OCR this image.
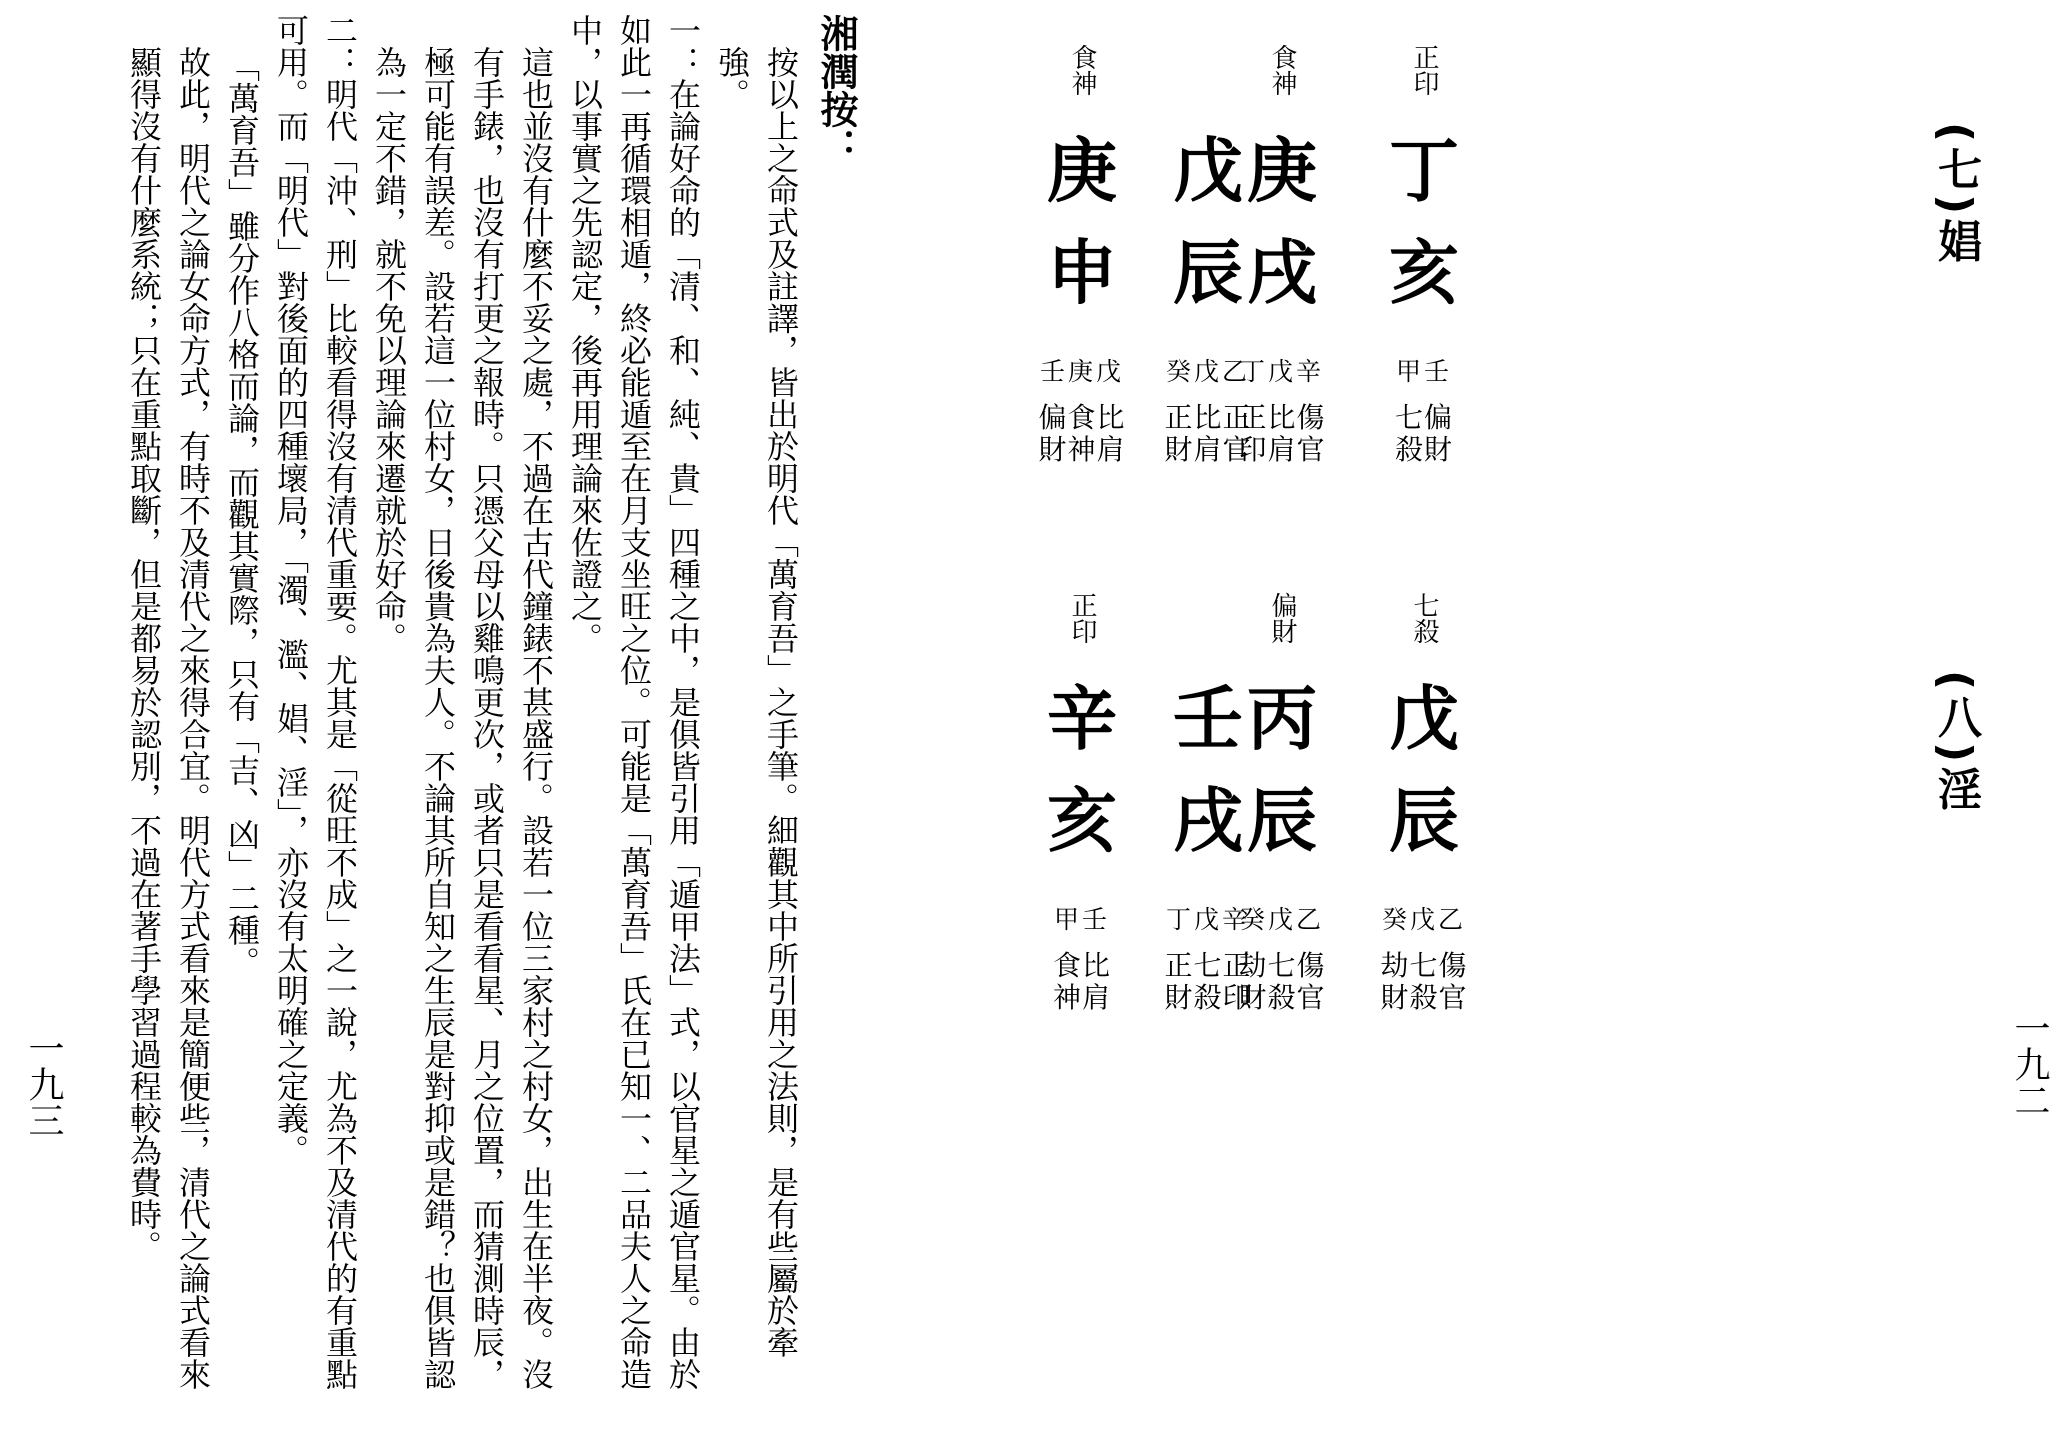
湘潤按：

按以上之命式及註譯，皆出於明代「萬育吾」之手筆。細觀其中所引用之法則，是有些屬於牽強。

一：在論好命的「清、和、純、貴」四種之中，是俱皆引用「遁甲法」式，以官星之遁官星。由於如此一再循環相遁，終必能遁至在月支坐旺之位。可能是「萬育吾」氏在已知一、二品夫人之命造中，以事實之先認定，後再用理論來佐證之。

這也並沒有什麼不妥之處，不過在古代鐘錶不甚盛行。設若一位三家村之村女，出生在半夜。沒有手錶，也沒有打更之報時。只憑父母以雞鳴更次，或者只是看看星、月之位置，而猜測時辰，極可能有誤差。設若這一位村女，日後貴為夫人。不論其所自知之生辰是對抑或是錯？也俱皆認為一定不錯，就不免以理論來遷就於好命。

二：明代「沖、刑」比較看得沒有清代重要。尤其是「從旺不成」之一說，尤為不及清代的有重點可用。而「明代」對後面的四種壞局，「濁、濫、娼、淫」，亦沒有太明確之定義。

「萬育吾」雖分作八格而論，而觀其實際，只有「吉、凶」二種。

故此，明代之論女命方式，有時不及清代之來得合宜。明代方式看來是簡便些，清代之論式看來顯得沒有什麼系統；只在重點取斷，但是都易於認別，不過在著手學習過程較為費時。

一九三
(七)娼
正印
丁
亥
甲壬
七偏
殺財
食神
庚
戌
丁戊辛
正比傷
印肩官
戊
辰
癸戊乙
正比正
財肩官
食神
庚
申
壬庚戊
偏食比
財神肩
(八)淫
七殺
戊
辰
癸戊乙
劫七傷
財殺官
偏財
丙
辰
癸戊乙
劫七傷
財殺官
壬
戌
丁戊辛
正七正
財殺印
正印
辛
亥
甲壬
食比
神肩
一九二
